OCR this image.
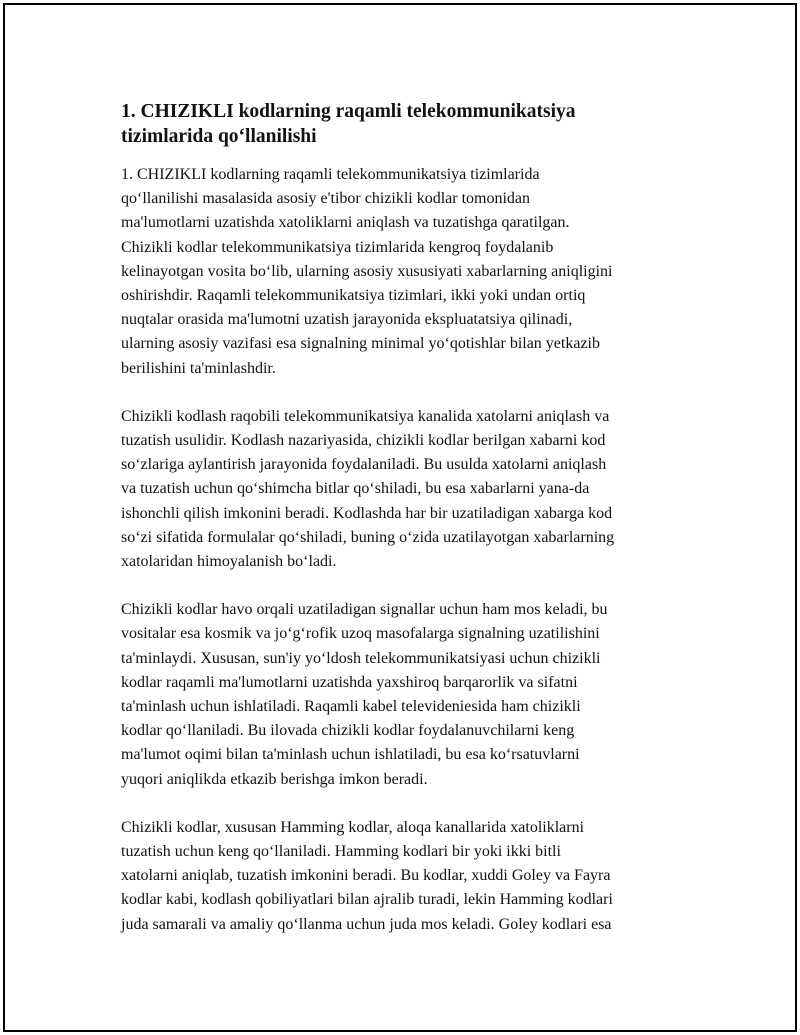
1. CHIZIKLI kodlarning raqamli telekommunikatsiya
tizimlarida qo‘llanilishi

1. CHIZIKLI kodlarning raqamli telekommunikatsiya tizimlarida
qo‘llanilishi masalasida asosiy e'tibor chizikli kodlar tomonidan
ma'lumotlarni uzatishda xatoliklarni aniqlash va tuzatishga qaratilgan.
Chizikli kodlar telekommunikatsiya tizimlarida kengroq foydalanib
kelinayotgan vosita bo‘lib, ularning asosiy xususiyati xabarlarning aniqligini
oshirishdir. Raqamli telekommunikatsiya tizimlari, ikki yoki undan ortiq
nuqtalar orasida ma'lumotni uzatish jarayonida ekspluatatsiya qilinadi,
ularning asosiy vazifasi esa signalning minimal yo‘qotishlar bilan yetkazib
berilishini ta'minlashdir.

Chizikli kodlash raqobili telekommunikatsiya kanalida xatolarni aniqlash va
tuzatish usulidir. Kodlash nazariyasida, chizikli kodlar berilgan xabarni kod
so‘zlariga aylantirish jarayonida foydalaniladi. Bu usulda xatolarni aniqlash
va tuzatish uchun qo‘shimcha bitlar qo‘shiladi, bu esa xabarlarni yana-da
ishonchli qilish imkonini beradi. Kodlashda har bir uzatiladigan xabarga kod
so‘zi sifatida formulalar qo‘shiladi, buning o‘zida uzatilayotgan xabarlarning
xatolaridan himoyalanish bo‘ladi.

Chizikli kodlar havo orqali uzatiladigan signallar uchun ham mos keladi, bu
vositalar esa kosmik va jo‘g‘rofik uzoq masofalarga signalning uzatilishini
ta'minlaydi. Xususan, sun'iy yo‘ldosh telekommunikatsiyasi uchun chizikli
kodlar raqamli ma'lumotlarni uzatishda yaxshiroq barqarorlik va sifatni
ta'minlash uchun ishlatiladi. Raqamli kabel televideniesida ham chizikli
kodlar qo‘llaniladi. Bu ilovada chizikli kodlar foydalanuvchilarni keng
ma'lumot oqimi bilan ta'minlash uchun ishlatiladi, bu esa ko‘rsatuvlarni
yuqori aniqlikda etkazib berishga imkon beradi.

Chizikli kodlar, xususan Hamming kodlar, aloqa kanallarida xatoliklarni
tuzatish uchun keng qo‘llaniladi. Hamming kodlari bir yoki ikki bitli
xatolarni aniqlab, tuzatish imkonini beradi. Bu kodlar, xuddi Goley va Fayra
kodlar kabi, kodlash qobiliyatlari bilan ajralib turadi, lekin Hamming kodlari
juda samarali va amaliy qo‘llanma uchun juda mos keladi. Goley kodlari esa
